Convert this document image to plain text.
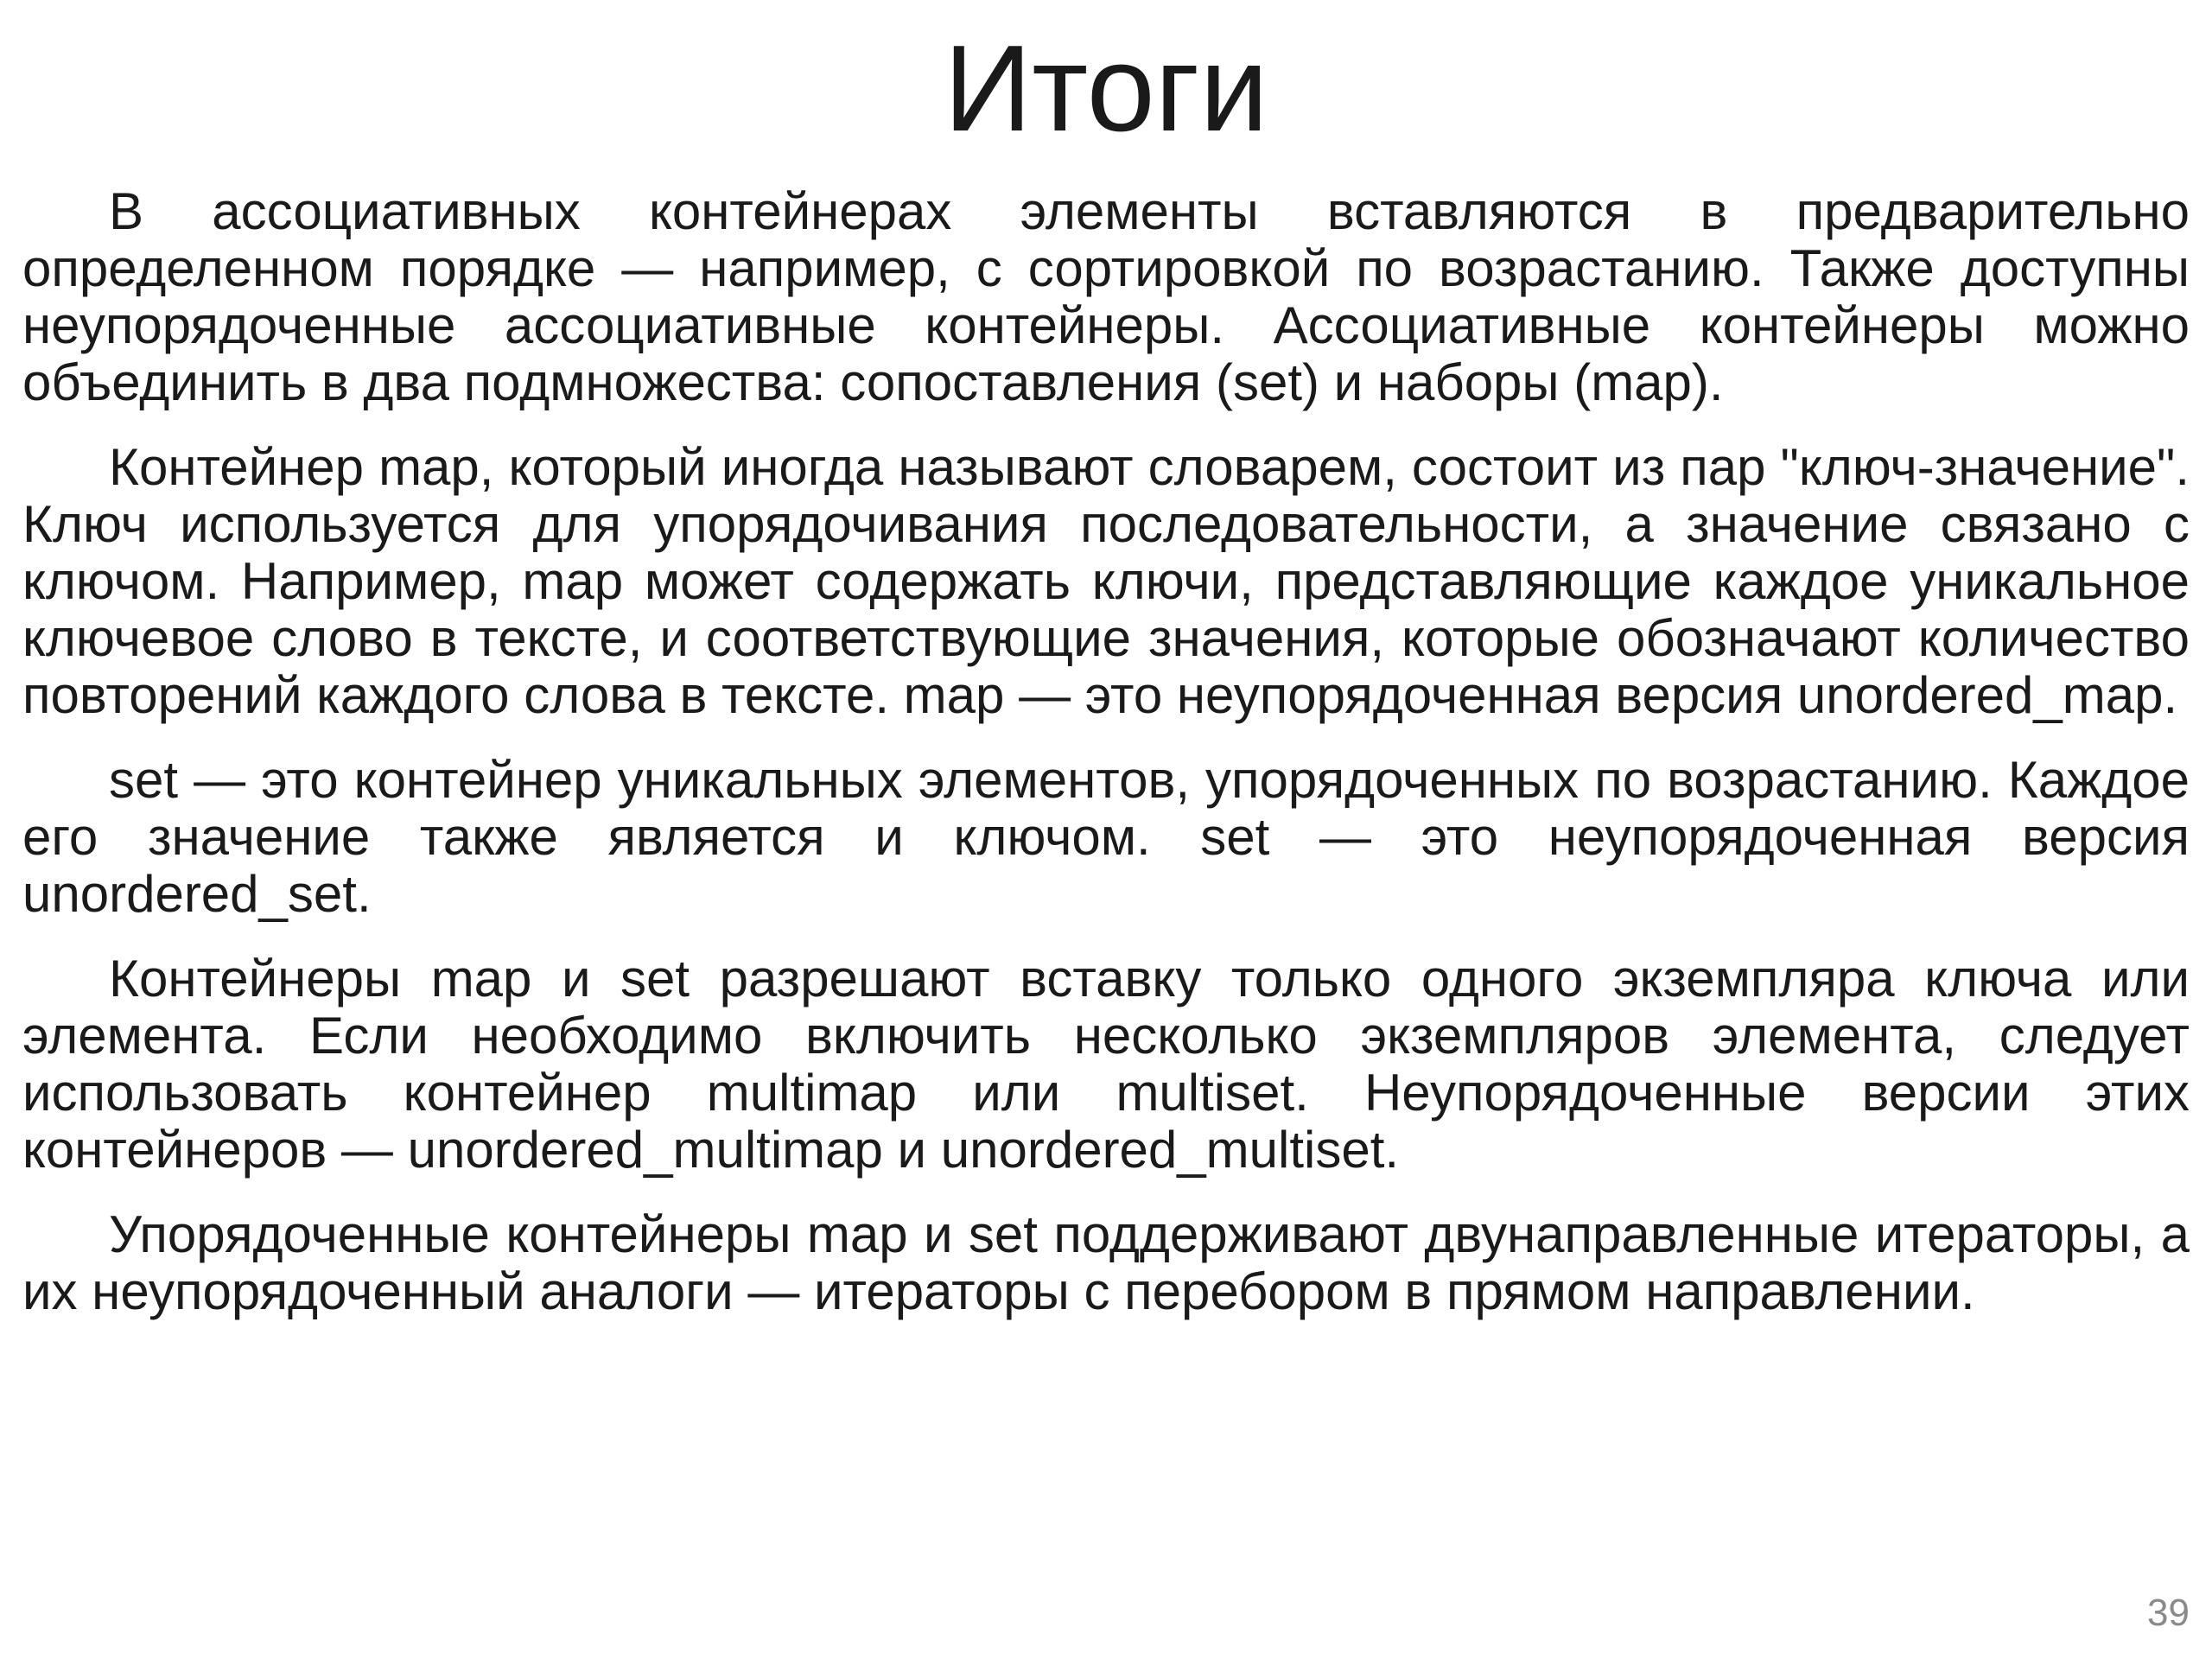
Итоги

В ассоциативных контейнерах элементы вставляются в предварительно определенном порядке — например, с сортировкой по возрастанию. Также доступны неупорядоченные ассоциативные контейнеры. Ассоциативные контейнеры можно объединить в два подмножества: сопоставления (set) и наборы (map).

Контейнер map, который иногда называют словарем, состоит из пар "ключ-значение". Ключ используется для упорядочивания последовательности, а значение связано с ключом. Например, map может содержать ключи, представляющие каждое уникальное ключевое слово в тексте, и соответствующие значения, которые обозначают количество повторений каждого слова в тексте. map — это неупорядоченная версия unordered_map.

set — это контейнер уникальных элементов, упорядоченных по возрастанию. Каждое его значение также является и ключом. set — это неупорядоченная версия unordered_set.

Контейнеры map и set разрешают вставку только одного экземпляра ключа или элемента. Если необходимо включить несколько экземпляров элемента, следует использовать контейнер multimap или multiset. Неупорядоченные версии этих контейнеров — unordered_multimap и unordered_multiset.

Упорядоченные контейнеры map и set поддерживают двунаправленные итераторы, а их неупорядоченный аналоги — итераторы с перебором в прямом направлении.

39
